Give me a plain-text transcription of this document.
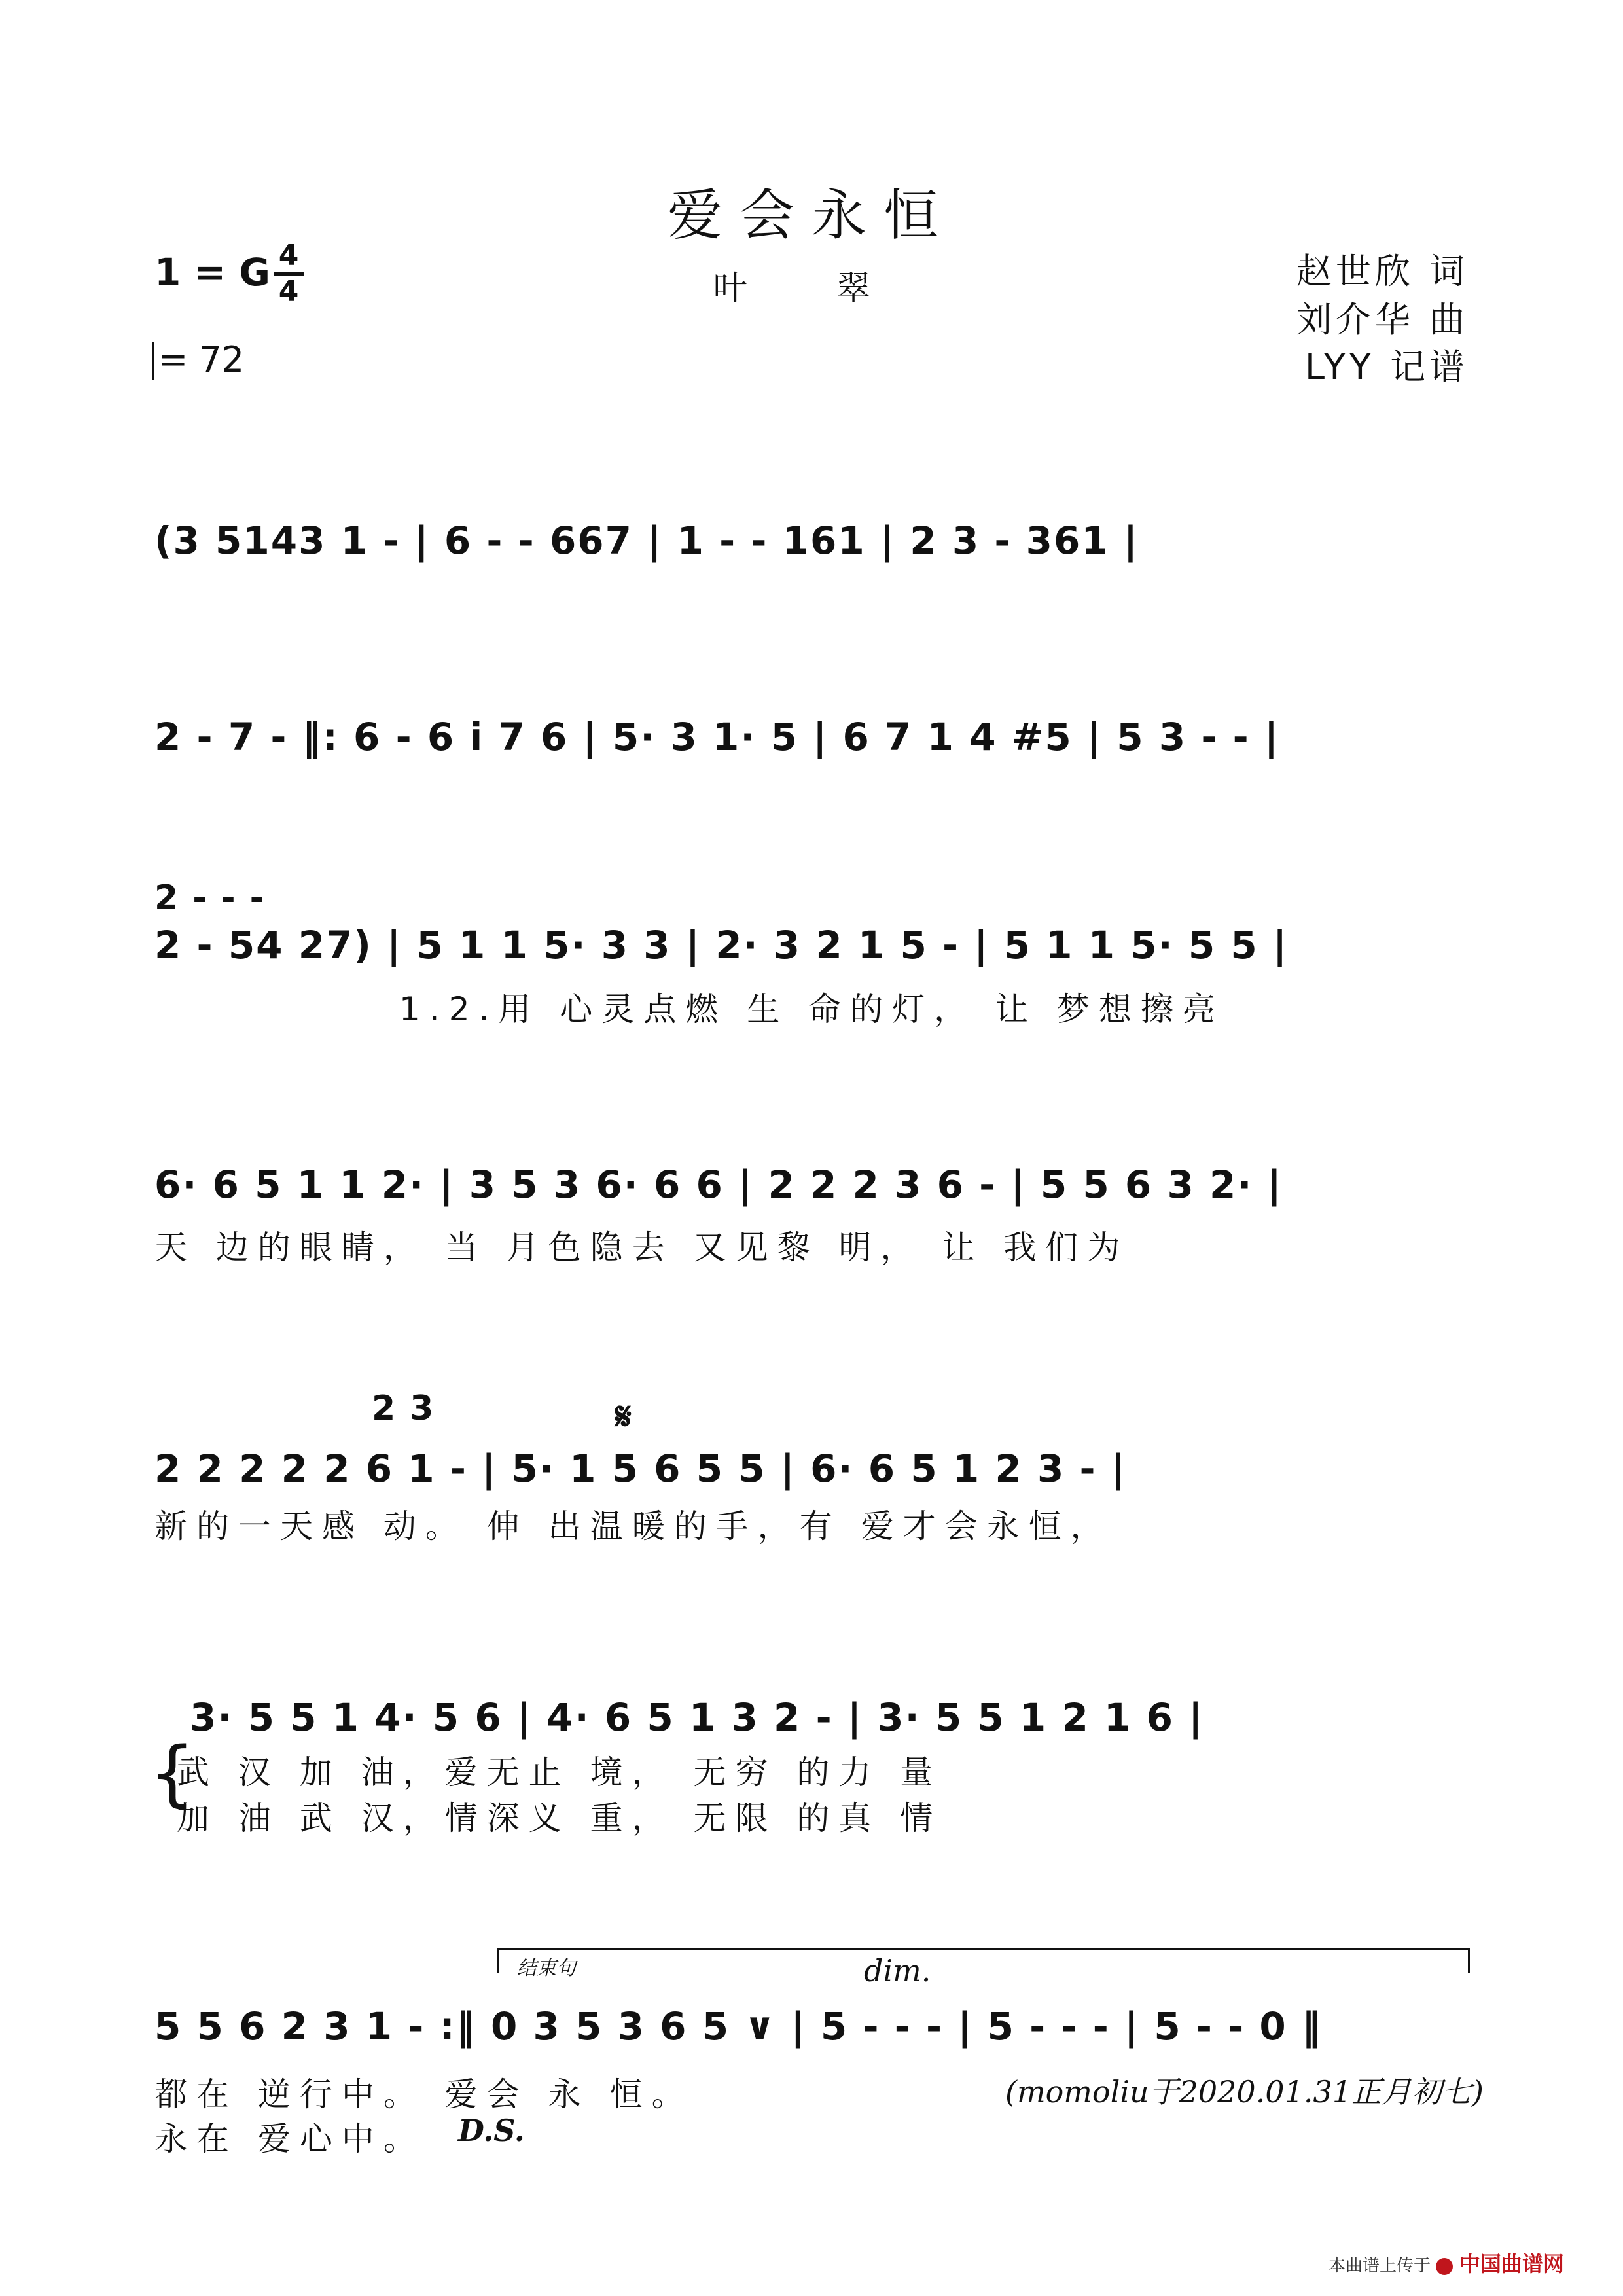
爱会永恒
叶 翠
1 = G 4
4
= 72
赵世欣 词
刘介华 曲
LYY 记谱
(3 5143 1 - | 6 - - 667 | 1 - - 161 | 2 3 - 361 |
2 - 7 - ‖: 6 - 6 i 7 6 | 5· 3 1· 5 | 6 7 1 4 #5 | 5 3 - - |
2 - - -
2 - 54 27) | 5 1 1 5· 3 3 | 2· 3 2 1 5 - | 5 1 1 5· 5 5 |
1.2.用 心灵点燃 生 命的灯， 让 梦想擦亮
6· 6 5 1 1 2· | 3 5 3 6· 6 6 | 2 2 2 3 6 - | 5 5 6 3 2· |
天 边的眼睛， 当 月色隐去 又见黎 明， 让 我们为
2 3	𝄋
2 2 2 2 2 6 1 - | 5· 1 5 6 5 5 | 6· 6 5 1 2 3 - |
新的一天感 动。 伸 出温暖的手，有 爱才会永恒，
3· 5 5 1 4· 5 6 | 4· 6 5 1 3 2 - | 3· 5 5 1 2 1 6 |
{
武 汉 加 油，爱无止 境， 无穷 的力 量
加 油 武 汉，情深义 重， 无限 的真 情
结束句	dim.
5 5 6 2 3 1 - :‖ 0 3 5 3 6 5 ∨ | 5 - - - | 5 - - - | 5 - - 0 ‖
都在 逆行中。 爱会 永 恒。	(momoliu于2020.01.31正月初七)
永在 爱心中。 D.S.
本曲谱上传于 中国曲谱网
